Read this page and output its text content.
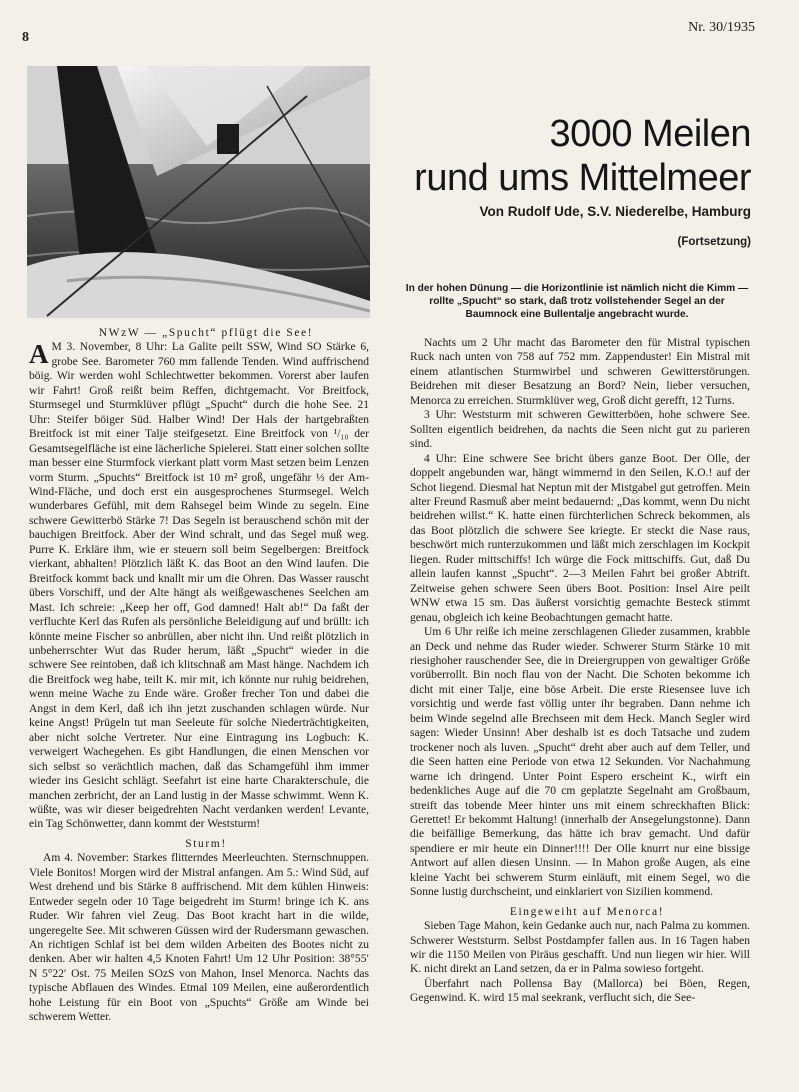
8
Nr. 30/1935
3000 Meilen
rund ums Mittelmeer
Von Rudolf Ude, S.V. Niederelbe, Hamburg
(Fortsetzung)
In der hohen Dünung — die Horizontlinie ist nämlich nicht die Kimm — rollte „Spucht“ so stark, daß trotz vollstehender Segel an der Baumnock eine Bullentalje angebracht wurde.

NWzW — „Spucht“ pflügt die See!

A M 3. November, 8 Uhr: La Galite peilt SSW, Wind SO Stärke 6, grobe See. Barometer 760 mm fallende Tenden. Wind auffrischend böig. Wir werden wohl Schlechtwetter bekommen. Vorerst aber laufen wir Fahrt! Groß reißt beim Reffen, dichtgemacht. Vor Breitfock, Sturmsegel und Sturmklüver pflügt „Spucht“ durch die hohe See. 21 Uhr: Steifer böiger Süd. Halber Wind! Der Hals der hartgebraßten Breitfock ist mit einer Talje steifgesetzt. Eine Breitfock von ¹/₁₀ der Gesamtsegelfläche ist eine lächerliche Spielerei. Statt einer solchen sollte man besser eine Sturmfock vierkant platt vorm Mast setzen beim Lenzen vorm Sturm. „Spuchts“ Breitfock ist 10 m² groß, ungefähr ⅓ der Am-Wind-Fläche, und doch erst ein ausgesprochenes Sturmsegel. Welch wunderbares Gefühl, mit dem Rahsegel beim Winde zu segeln. Eine schwere Gewitterbö Stärke 7! Das Segeln ist berauschend schön mit der bauchigen Breitfock. Aber der Wind schralt, und das Segel muß weg. Purre K. Erkläre ihm, wie er steuern soll beim Segelbergen: Breitfock vierkant, abhalten! Plötzlich läßt K. das Boot an den Wind laufen. Die Breitfock kommt back und knallt mir um die Ohren. Das Wasser rauscht übers Vorschiff, und der Alte hängt als weißgewaschenes Seelchen am Mast. Ich schreie: „Keep her off, God damned! Halt ab!“ Da faßt der verfluchte Kerl das Rufen als persönliche Beleidigung auf und brüllt: ich könnte meine Fischer so anbrüllen, aber nicht ihn. Und reißt plötzlich in unbeherrschter Wut das Ruder herum, läßt „Spucht“ wieder in die schwere See reintoben, daß ich klitschnaß am Mast hänge. Nachdem ich die Breitfock weg habe, teilt K. mir mit, ich könnte nur ruhig beidrehen, wenn meine Wache zu Ende wäre. Großer frecher Ton und dabei die Angst in dem Kerl, daß ich ihn jetzt zuschanden schlagen würde. Nur keine Angst! Prügeln tut man Seeleute für solche Niederträchtigkeiten, aber nicht solche Vertreter. Nur eine Eintragung ins Logbuch: K. verweigert Wachegehen. Es gibt Handlungen, die einen Menschen vor sich selbst so verächtlich machen, daß das Schamgefühl ihm immer wieder ins Gesicht schlägt. Seefahrt ist eine harte Charakterschule, die manchen zerbricht, der an Land lustig in der Masse schwimmt. Wenn K. wüßte, was wir dieser beigedrehten Nacht verdanken werden! Levante, ein Tag Schönwetter, dann kommt der Weststurm!

Sturm!

Am 4. November: Starkes flitterndes Meerleuchten. Sternschnuppen. Viele Bonitos! Morgen wird der Mistral anfangen. Am 5.: Wind Süd, auf West drehend und bis Stärke 8 auffrischend. Mit dem kühlen Hinweis: Entweder segeln oder 10 Tage beigedreht im Sturm! bringe ich K. ans Ruder. Wir fahren viel Zeug. Das Boot kracht hart in die wilde, ungeregelte See. Mit schweren Güssen wird der Rudersmann gewaschen. An richtigen Schlaf ist bei dem wilden Arbeiten des Bootes nicht zu denken. Aber wir halten 4,5 Knoten Fahrt! Um 12 Uhr Position: 38°55′ N 5°22′ Ost. 75 Meilen SOzS von Mahon, Insel Menorca. Nachts das typische Abflauen des Windes. Etmal 109 Meilen, eine außerordentlich hohe Leistung für ein Boot von „Spuchts“ Größe am Winde bei schwerem Wetter.

Nachts um 2 Uhr macht das Barometer den für Mistral typischen Ruck nach unten von 758 auf 752 mm. Zappenduster! Ein Mistral mit einem atlantischen Sturmwirbel und schweren Gewitterstörungen. Beidrehen mit dieser Besatzung an Bord? Nein, lieber versuchen, Menorca zu erreichen. Sturmklüver weg, Groß dicht gerefft, 12 Turns.

3 Uhr: Weststurm mit schweren Gewitterböen, hohe schwere See. Sollten eigentlich beidrehen, da nachts die Seen nicht gut zu parieren sind.

4 Uhr: Eine schwere See bricht übers ganze Boot. Der Olle, der doppelt angebunden war, hängt wimmernd in den Seilen, K.O.! auf der Schot liegend. Diesmal hat Neptun mit der Mistgabel gut getroffen. Mein alter Freund Rasmuß aber meint bedauernd: „Das kommt, wenn Du nicht beidrehen willst.“ K. hatte einen fürchterlichen Schreck bekommen, als das Boot plötzlich die schwere See kriegte. Er steckt die Nase raus, beschwört mich runterzukommen und läßt mich zerschlagen im Kockpit liegen. Ruder mittschiffs! Ich würge die Fock mittschiffs. Gut, daß Du allein laufen kannst „Spucht“. 2—3 Meilen Fahrt bei großer Abtrift. Zeitweise gehen schwere Seen übers Boot. Position: Insel Aire peilt WNW etwa 15 sm. Das äußerst vorsichtig gemachte Besteck stimmt genau, obgleich ich keine Beobachtungen gemacht hatte.

Um 6 Uhr reiße ich meine zerschlagenen Glieder zusammen, krabble an Deck und nehme das Ruder wieder. Schwerer Sturm Stärke 10 mit riesighoher rauschender See, die in Dreiergruppen von gewaltiger Größe vorüberrollt. Bin noch flau von der Nacht. Die Schoten bekomme ich dicht mit einer Talje, eine böse Arbeit. Die erste Riesensee luve ich vorsichtig und werde fast völlig unter ihr begraben. Dann nehme ich beim Winde segelnd alle Brechseen mit dem Heck. Manch Segler wird sagen: Wieder Unsinn! Aber deshalb ist es doch Tatsache und zudem trockener noch als luven. „Spucht“ dreht aber auch auf dem Teller, und die Seen hatten eine Periode von etwa 12 Sekunden. Vor Nachahmung warne ich dringend. Unter Point Espero erscheint K., wirft ein bedenkliches Auge auf die 70 cm geplatzte Segelnaht am Großbaum, streift das tobende Meer hinter uns mit einem schreckhaften Blick: Gerettet! Er bekommt Haltung! (innerhalb der Ansegelungstonne). Dann die beifällige Bemerkung, das hätte ich brav gemacht. Und dafür spendiere er mir heute ein Dinner!!!! Der Olle knurrt nur eine bissige Antwort auf allen diesen Unsinn. — In Mahon große Augen, als eine kleine Yacht bei schwerem Sturm einläuft, mit einem Segel, wo die Sonne lustig durchscheint, und einklariert von Sizilien kommend.

Eingeweiht auf Menorca!

Sieben Tage Mahon, kein Gedanke auch nur, nach Palma zu kommen. Schwerer Weststurm. Selbst Postdampfer fallen aus. In 16 Tagen haben wir die 1150 Meilen von Piräus geschafft. Und nun liegen wir hier. Will K. nicht direkt an Land setzen, da er in Palma sowieso fortgeht.

Überfahrt nach Pollensa Bay (Mallorca) bei Böen, Regen, Gegenwind. K. wird 15 mal seekrank, verflucht sich, die See-
